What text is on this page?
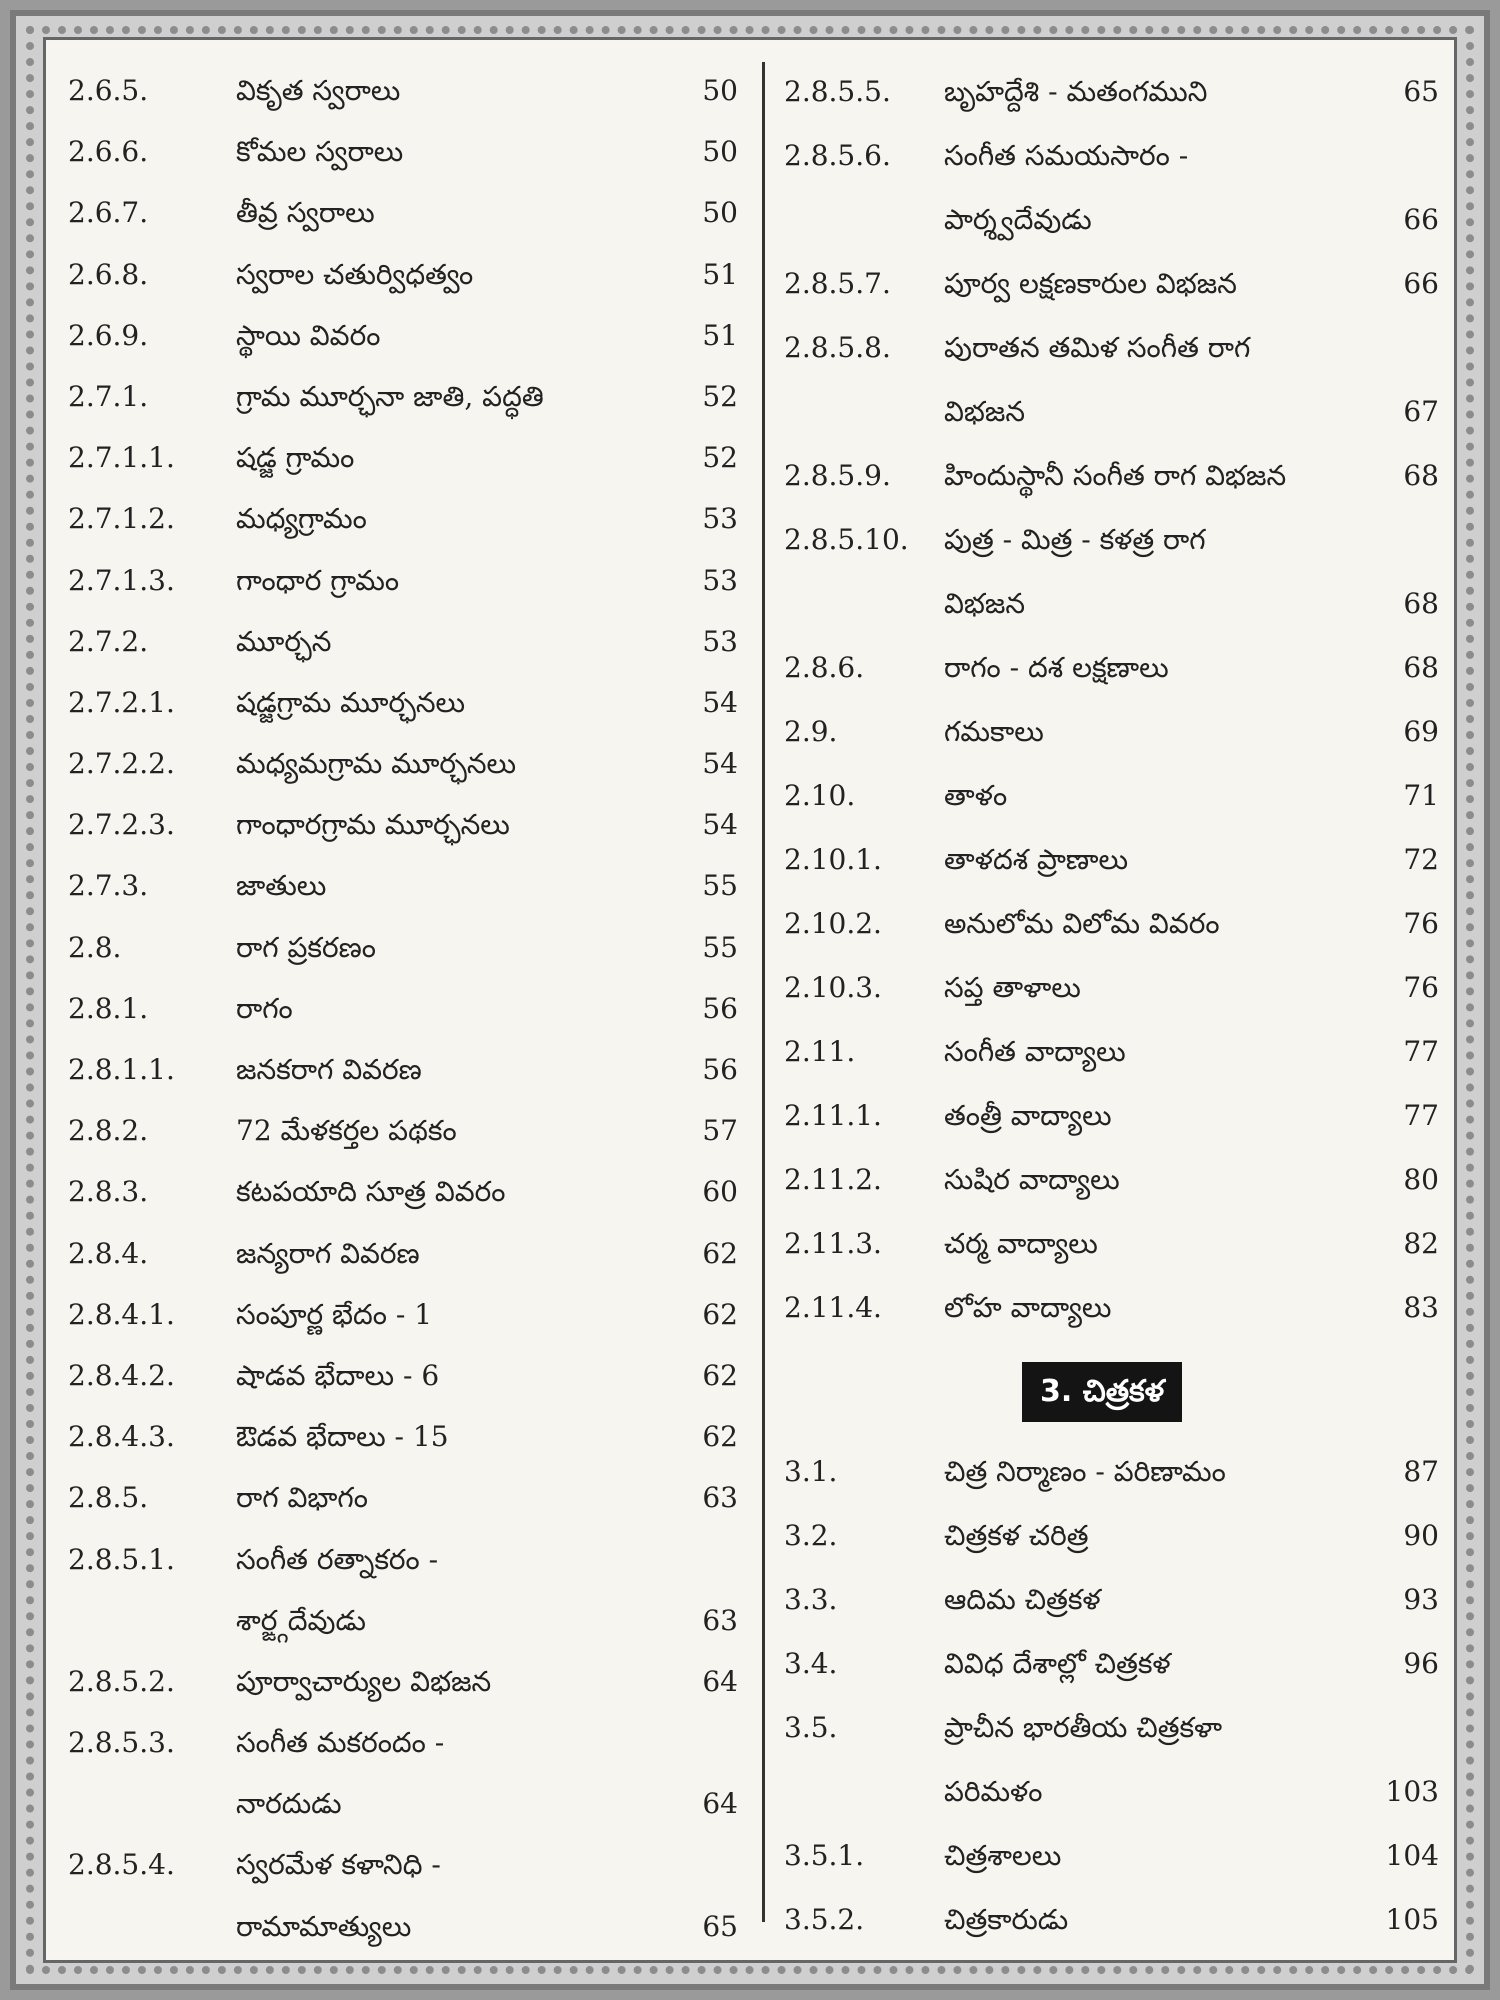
2.6.5.	వికృత స్వరాలు	50
2.6.6.	కోమల స్వరాలు	50
2.6.7.	తీవ్ర స్వరాలు	50
2.6.8.	స్వరాల చతుర్విధత్వం	51
2.6.9.	స్థాయి వివరం	51
2.7.1.	గ్రామ మూర్ఛనా జాతి, పద్ధతి	52
2.7.1.1. షడ్జ గ్రామం	52
2.7.1.2. మధ్యగ్రామం	53
2.7.1.3. గాంధార గ్రామం	53
2.7.2.	మూర్ఛన	53
2.7.2.1. షడ్జగ్రామ మూర్ఛనలు	54
2.7.2.2. మధ్యమగ్రామ మూర్ఛనలు	54
2.7.2.3. గాంధారగ్రామ మూర్ఛనలు	54
2.7.3.	జాతులు	55
2.8.	రాగ ప్రకరణం	55
2.8.1.	రాగం	56
2.8.1.1. జనకరాగ వివరణ	56
2.8.2.	72 మేళకర్తల పథకం	57
2.8.3.	కటపయాది సూత్ర వివరం	60
2.8.4.	జన్యరాగ వివరణ	62
2.8.4.1. సంపూర్ణ భేదం - 1	62
2.8.4.2. షాడవ భేదాలు - 6	62
2.8.4.3. ఔడవ భేదాలు - 15	62
2.8.5.	రాగ విభాగం	63
2.8.5.1. సంగీత రత్నాకరం -
శార్ఙ్గదేవుడు	63
2.8.5.2. పూర్వాచార్యుల విభజన	64
2.8.5.3. సంగీత మకరందం -
నారదుడు	64
2.8.5.4. స్వరమేళ కళానిధి -
రామామాత్యులు	65
2.8.5.5. బృహద్దేశి - మతంగముని	65
2.8.5.6. సంగీత సమయసారం -
పార్శ్వదేవుడు	66
2.8.5.7. పూర్వ లక్షణకారుల విభజన	66
2.8.5.8. పురాతన తమిళ సంగీత రాగ
విభజన	67
2.8.5.9. హిందుస్థానీ సంగీత రాగ విభజన	68
2.8.5.10. పుత్ర - మిత్ర - కళత్ర రాగ
విభజన	68
2.8.6.	రాగం - దశ లక్షణాలు	68
2.9.	గమకాలు	69
2.10.	తాళం	71
2.10.1. తాళదశ ప్రాణాలు	72
2.10.2. అనులోమ విలోమ వివరం	76
2.10.3. సప్త తాళాలు	76
2.11.	సంగీత వాద్యాలు	77
2.11.1. తంత్రీ వాద్యాలు	77
2.11.2. సుషిర వాద్యాలు	80
2.11.3. చర్మ వాద్యాలు	82
2.11.4. లోహ వాద్యాలు	83
3. చిత్రకళ
3.1.	చిత్ర నిర్మాణం - పరిణామం	87
3.2.	చిత్రకళ చరిత్ర	90
3.3.	ఆదిమ చిత్రకళ	93
3.4.	వివిధ దేశాల్లో చిత్రకళ	96
3.5.	ప్రాచీన భారతీయ చిత్రకళా
పరిమళం	103
3.5.1.	చిత్రశాలలు	104
3.5.2.	చిత్రకారుడు	105
